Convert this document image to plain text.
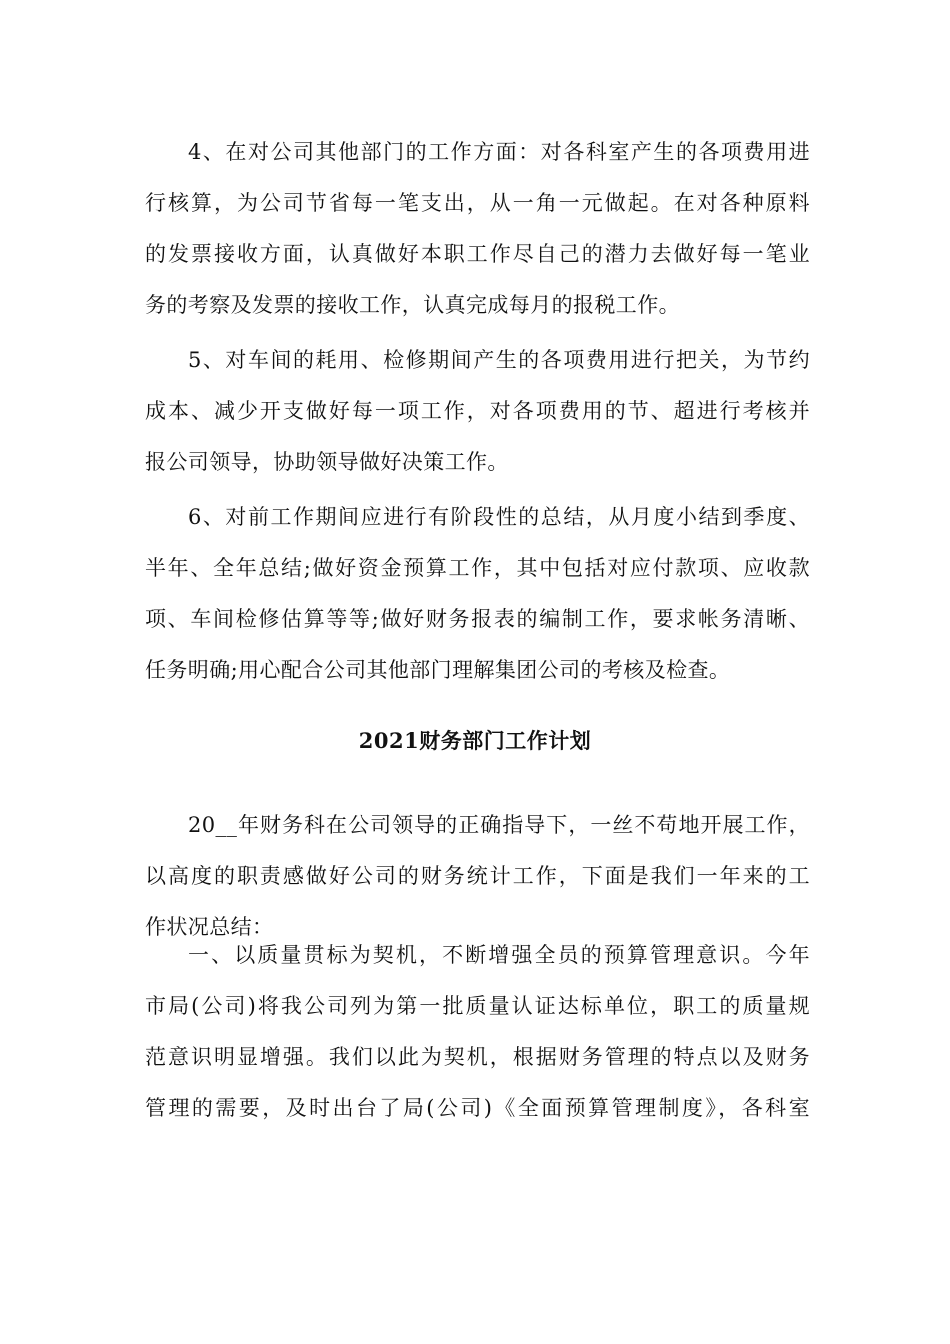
4、在对公司其他部门的工作方面：对各科室产生的各项费用进
行核算，为公司节省每一笔支出，从一角一元做起。在对各种原料
的发票接收方面，认真做好本职工作尽自己的潜力去做好每一笔业
务的考察及发票的接收工作，认真完成每月的报税工作。
5、对车间的耗用、检修期间产生的各项费用进行把关，为节约
成本、减少开支做好每一项工作，对各项费用的节、超进行考核并
报公司领导，协助领导做好决策工作。
6、对前工作期间应进行有阶段性的总结，从月度小结到季度、
半年、全年总结;做好资金预算工作，其中包括对应付款项、应收款
项、车间检修估算等等;做好财务报表的编制工作，要求帐务清晰、
任务明确;用心配合公司其他部门理解集团公司的考核及检查。
2021财务部门工作计划
20__年财务科在公司领导的正确指导下，一丝不苟地开展工作，
以高度的职责感做好公司的财务统计工作，下面是我们一年来的工
作状况总结：
一、以质量贯标为契机，不断增强全员的预算管理意识。今年
市局(公司)将我公司列为第一批质量认证达标单位，职工的质量规
范意识明显增强。我们以此为契机，根据财务管理的特点以及财务
管理的需要，及时出台了局(公司)《全面预算管理制度》，各科室
